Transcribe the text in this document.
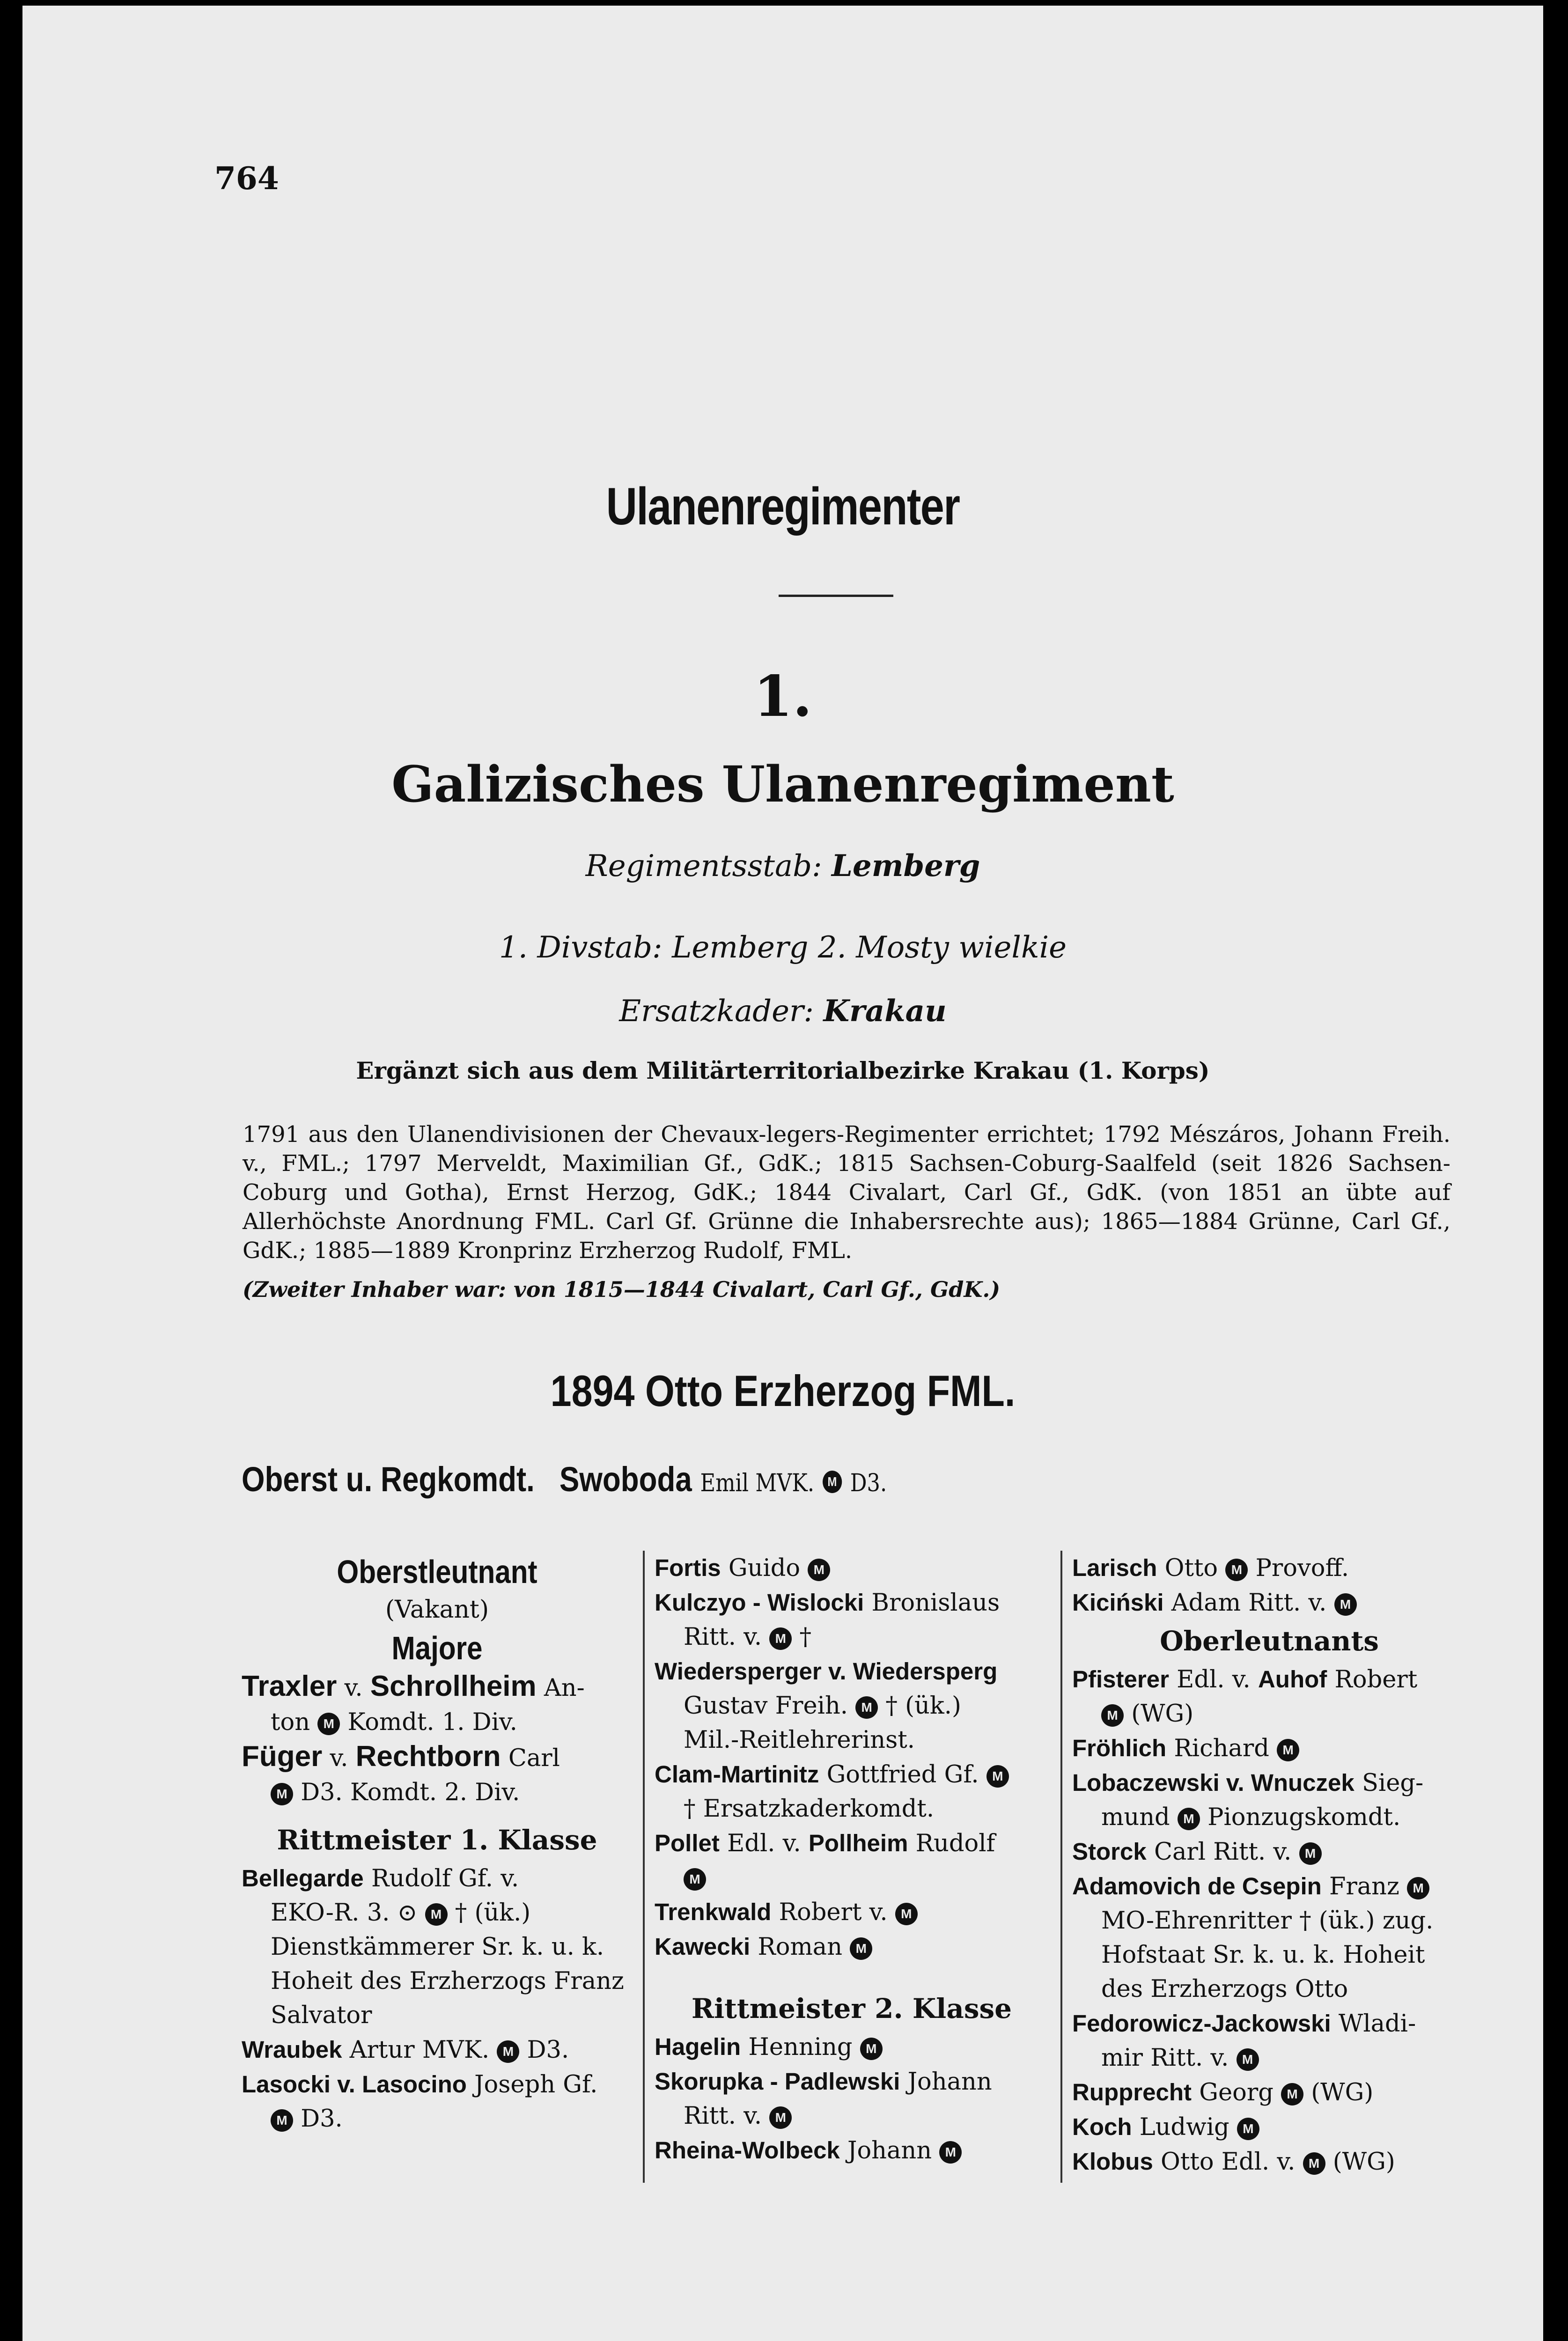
764
Ulanenregimenter
1.
Galizisches Ulanenregiment
Regimentsstab: Lemberg
1. Divstab: Lemberg 2. Mosty wielkie
Ersatzkader: Krakau
Ergänzt sich aus dem Militärterritorialbezirke Krakau (1. Korps)
1791 aus den Ulanendivisionen der Chevaux-legers-Regimenter errichtet; 1792 Mészáros, Johann Freih. v., FML.; 1797 Merveldt, Maximilian Gf., GdK.; 1815 Sachsen-Coburg-Saalfeld (seit 1826 Sachsen-Coburg und Gotha), Ernst Herzog, GdK.; 1844 Civalart, Carl Gf., GdK. (von 1851 an übte auf Allerhöchste Anordnung FML. Carl Gf. Grünne die Inhabersrechte aus); 1865—1884 Grünne, Carl Gf., GdK.; 1885—1889 Kronprinz Erzherzog Rudolf, FML.
(Zweiter Inhaber war: von 1815—1844 Civalart, Carl Gf., GdK.)
1894 Otto Erzherzog FML.
Oberst u. Regkomdt. Swoboda Emil MVK. M D3.
Oberstleutnant
(Vakant)
Majore
Traxler v. Schrollheim An-
ton M Komdt. 1. Div.
Füger v. Rechtborn Carl
M D3. Komdt. 2. Div.
Rittmeister 1. Klasse
Bellegarde Rudolf Gf. v.
EKO-R. 3. ⊙ M † (ük.)
Dienstkämmerer Sr. k. u. k.
Hoheit des Erzherzogs Franz
Salvator
Wraubek Artur MVK. M D3.
Lasocki v. Lasocino Joseph Gf.
M D3.
Fortis Guido M
Kulczyo - Wislocki Bronislaus
Ritt. v. M †
Wiedersperger v. Wiedersperg
Gustav Freih. M † (ük.)
Mil.-Reitlehrerinst.
Clam-Martinitz Gottfried Gf. M
† Ersatzkaderkomdt.
Pollet Edl. v. Pollheim Rudolf
M
Trenkwald Robert v. M
Kawecki Roman M
Rittmeister 2. Klasse
Hagelin Henning M
Skorupka - Padlewski Johann
Ritt. v. M
Rheina-Wolbeck Johann M
Larisch Otto M Provoff.
Kiciński Adam Ritt. v. M
Oberleutnants
Pfisterer Edl. v. Auhof Robert
M (WG)
Fröhlich Richard M
Lobaczewski v. Wnuczek Sieg-
mund M Pionzugskomdt.
Storck Carl Ritt. v. M
Adamovich de Csepin Franz M
MO-Ehrenritter † (ük.) zug.
Hofstaat Sr. k. u. k. Hoheit
des Erzherzogs Otto
Fedorowicz-Jackowski Wladi-
mir Ritt. v. M
Rupprecht Georg M (WG)
Koch Ludwig M
Klobus Otto Edl. v. M (WG)
